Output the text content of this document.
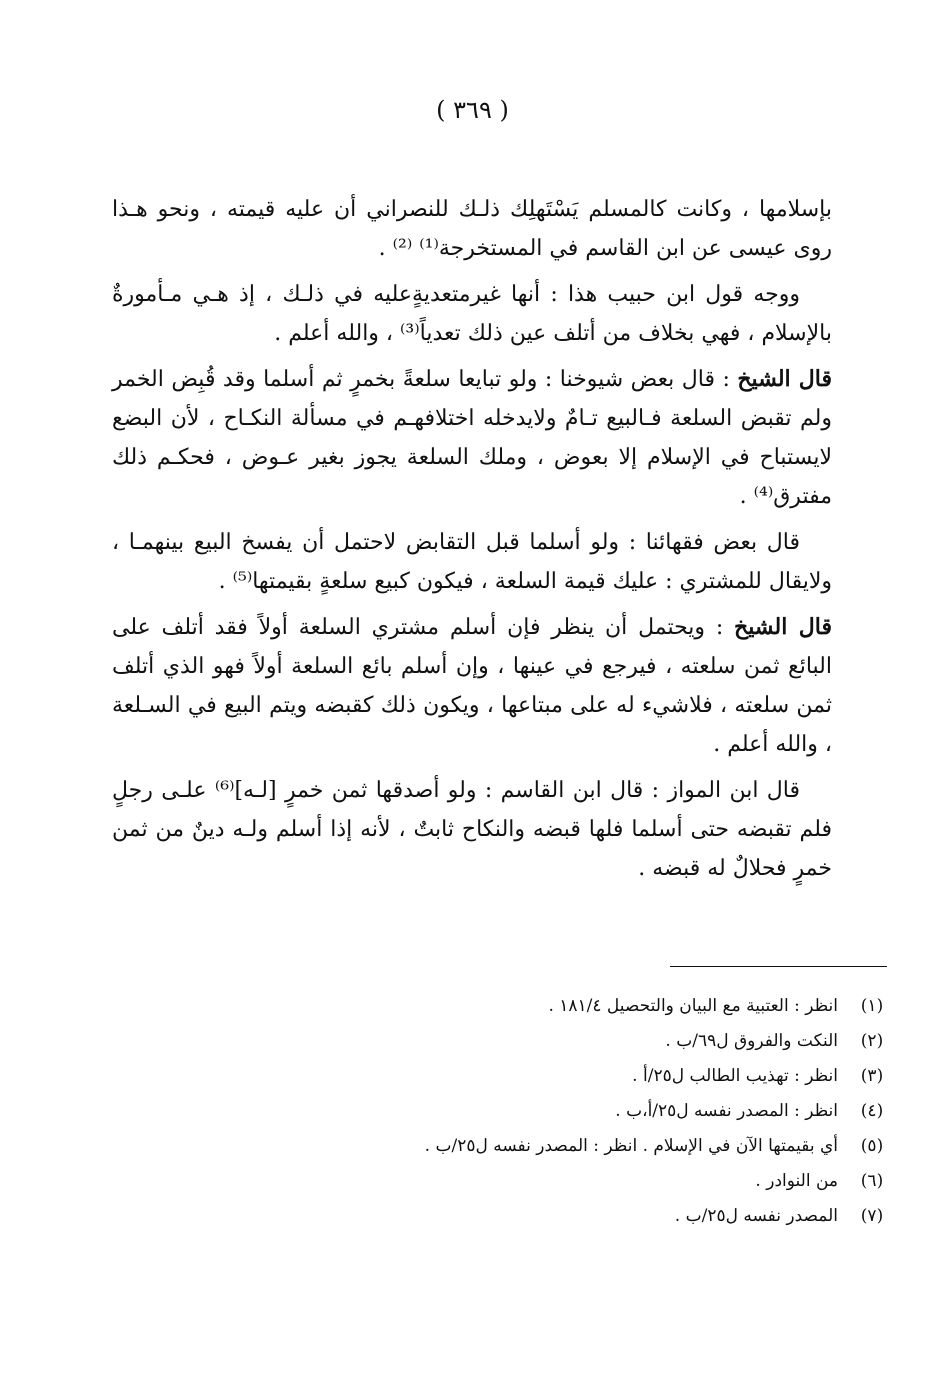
( ٣٦٩ )

بإسلامها ، وكانت كالمسلم يَسْتَهلِك ذلـك للنصراني أن عليه قيمته ، ونحو هـذا روى عيسى عن ابن القاسم في المستخرجة⁽¹⁾ ⁽²⁾ .

ووجه قول ابن حبيب هذا : أنها غيرمتعديةٍعليه في ذلـك ، إذ هـي مـأمورةٌ بالإسلام ، فهي بخلاف من أتلف عين ذلك تعدياً⁽³⁾ ، والله أعلم .

قال الشيخ : قال بعض شيوخنا : ولو تبايعا سلعةً بخمرٍ ثم أسلما وقد قُبِض الخمر ولم تقبض السلعة فـالبيع تـامٌ ولايدخله اختلافهـم في مسألة النكـاح ، لأن البضع لايستباح في الإسلام إلا بعوض ، وملك السلعة يجوز بغير عـوض ، فحكـم ذلك مفترق⁽⁴⁾ .

قال بعض فقهائنا : ولو أسلما قبل التقابض لاحتمل أن يفسخ البيع بينهمـا ، ولايقال للمشتري : عليك قيمة السلعة ، فيكون كبيع سلعةٍ بقيمتها⁽⁵⁾ .

قال الشيخ : ويحتمل أن ينظر فإن أسلم مشتري السلعة أولاً فقد أتلف على البائع ثمن سلعته ، فيرجع في عينها ، وإن أسلم بائع السلعة أولاً فهو الذي أتلف ثمن سلعته ، فلاشيء له على مبتاعها ، ويكون ذلك كقبضه ويتم البيع في السـلعة ، والله أعلم .

قال ابن المواز : قال ابن القاسم : ولو أصدقها ثمن خمرٍ [لـه]⁽⁶⁾ علـى رجلٍ فلم تقبضه حتى أسلما فلها قبضه والنكاح ثابتٌ ، لأنه إذا أسلم ولـه دينٌ من ثمن خمرٍ فحلالٌ له قبضه .

(١)
انظر : العتبية مع البيان والتحصيل ١٨١/٤ .
(٢)
النكت والفروق ل٦٩/ب .
(٣)
انظر : تهذيب الطالب ل٢٥/أ .
(٤)
انظر : المصدر نفسه ل٢٥/أ،ب .
(٥)
أي بقيمتها الآن في الإسلام . انظر : المصدر نفسه ل٢٥/ب .
(٦)
من النوادر .
(٧)
المصدر نفسه ل٢٥/ب .
